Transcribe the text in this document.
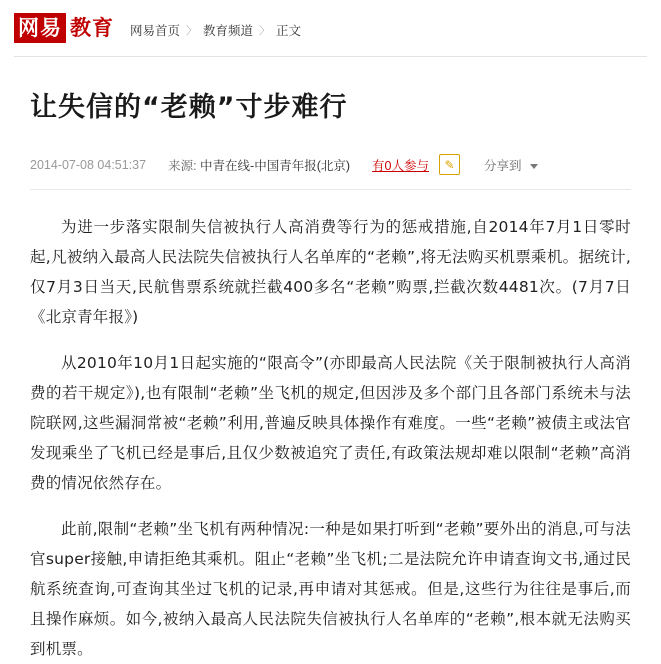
网易 教育 网易首页 〉 教育频道 〉 正文
让失信的“老赖”寸步难行
2014-07-08 04:51:37 来源: 中青在线-中国青年报(北京) 有0人参与	✎	分享到

为进一步落实限制失信被执行人高消费等行为的惩戒措施,自2014年7月1日零时起,凡被纳入最高人民法院失信被执行人名单库的“老赖”,将无法购买机票乘机。据统计,仅7月3日当天,民航售票系统就拦截400多名“老赖”购票,拦截次数4481次。(7月7日《北京青年报》)

从2010年10月1日起实施的“限高令”(亦即最高人民法院《关于限制被执行人高消费的若干规定》),也有限制“老赖”坐飞机的规定,但因涉及多个部门且各部门系统未与法院联网,这些漏洞常被“老赖”利用,普遍反映具体操作有难度。一些“老赖”被债主或法官发现乘坐了飞机已经是事后,且仅少数被追究了责任,有政策法规却难以限制“老赖”高消费的情况依然存在。

此前,限制“老赖”坐飞机有两种情况:一种是如果打听到“老赖”要外出的消息,可与法官super接触,申请拒绝其乘机。阻止“老赖”坐飞机;二是法院允许申请查询文书,通过民航系统查询,可查询其坐过飞机的记录,再申请对其惩戒。但是,这些行为往往是事后,而且操作麻烦。如今,被纳入最高人民法院失信被执行人名单库的“老赖”,根本就无法购买到机票。
